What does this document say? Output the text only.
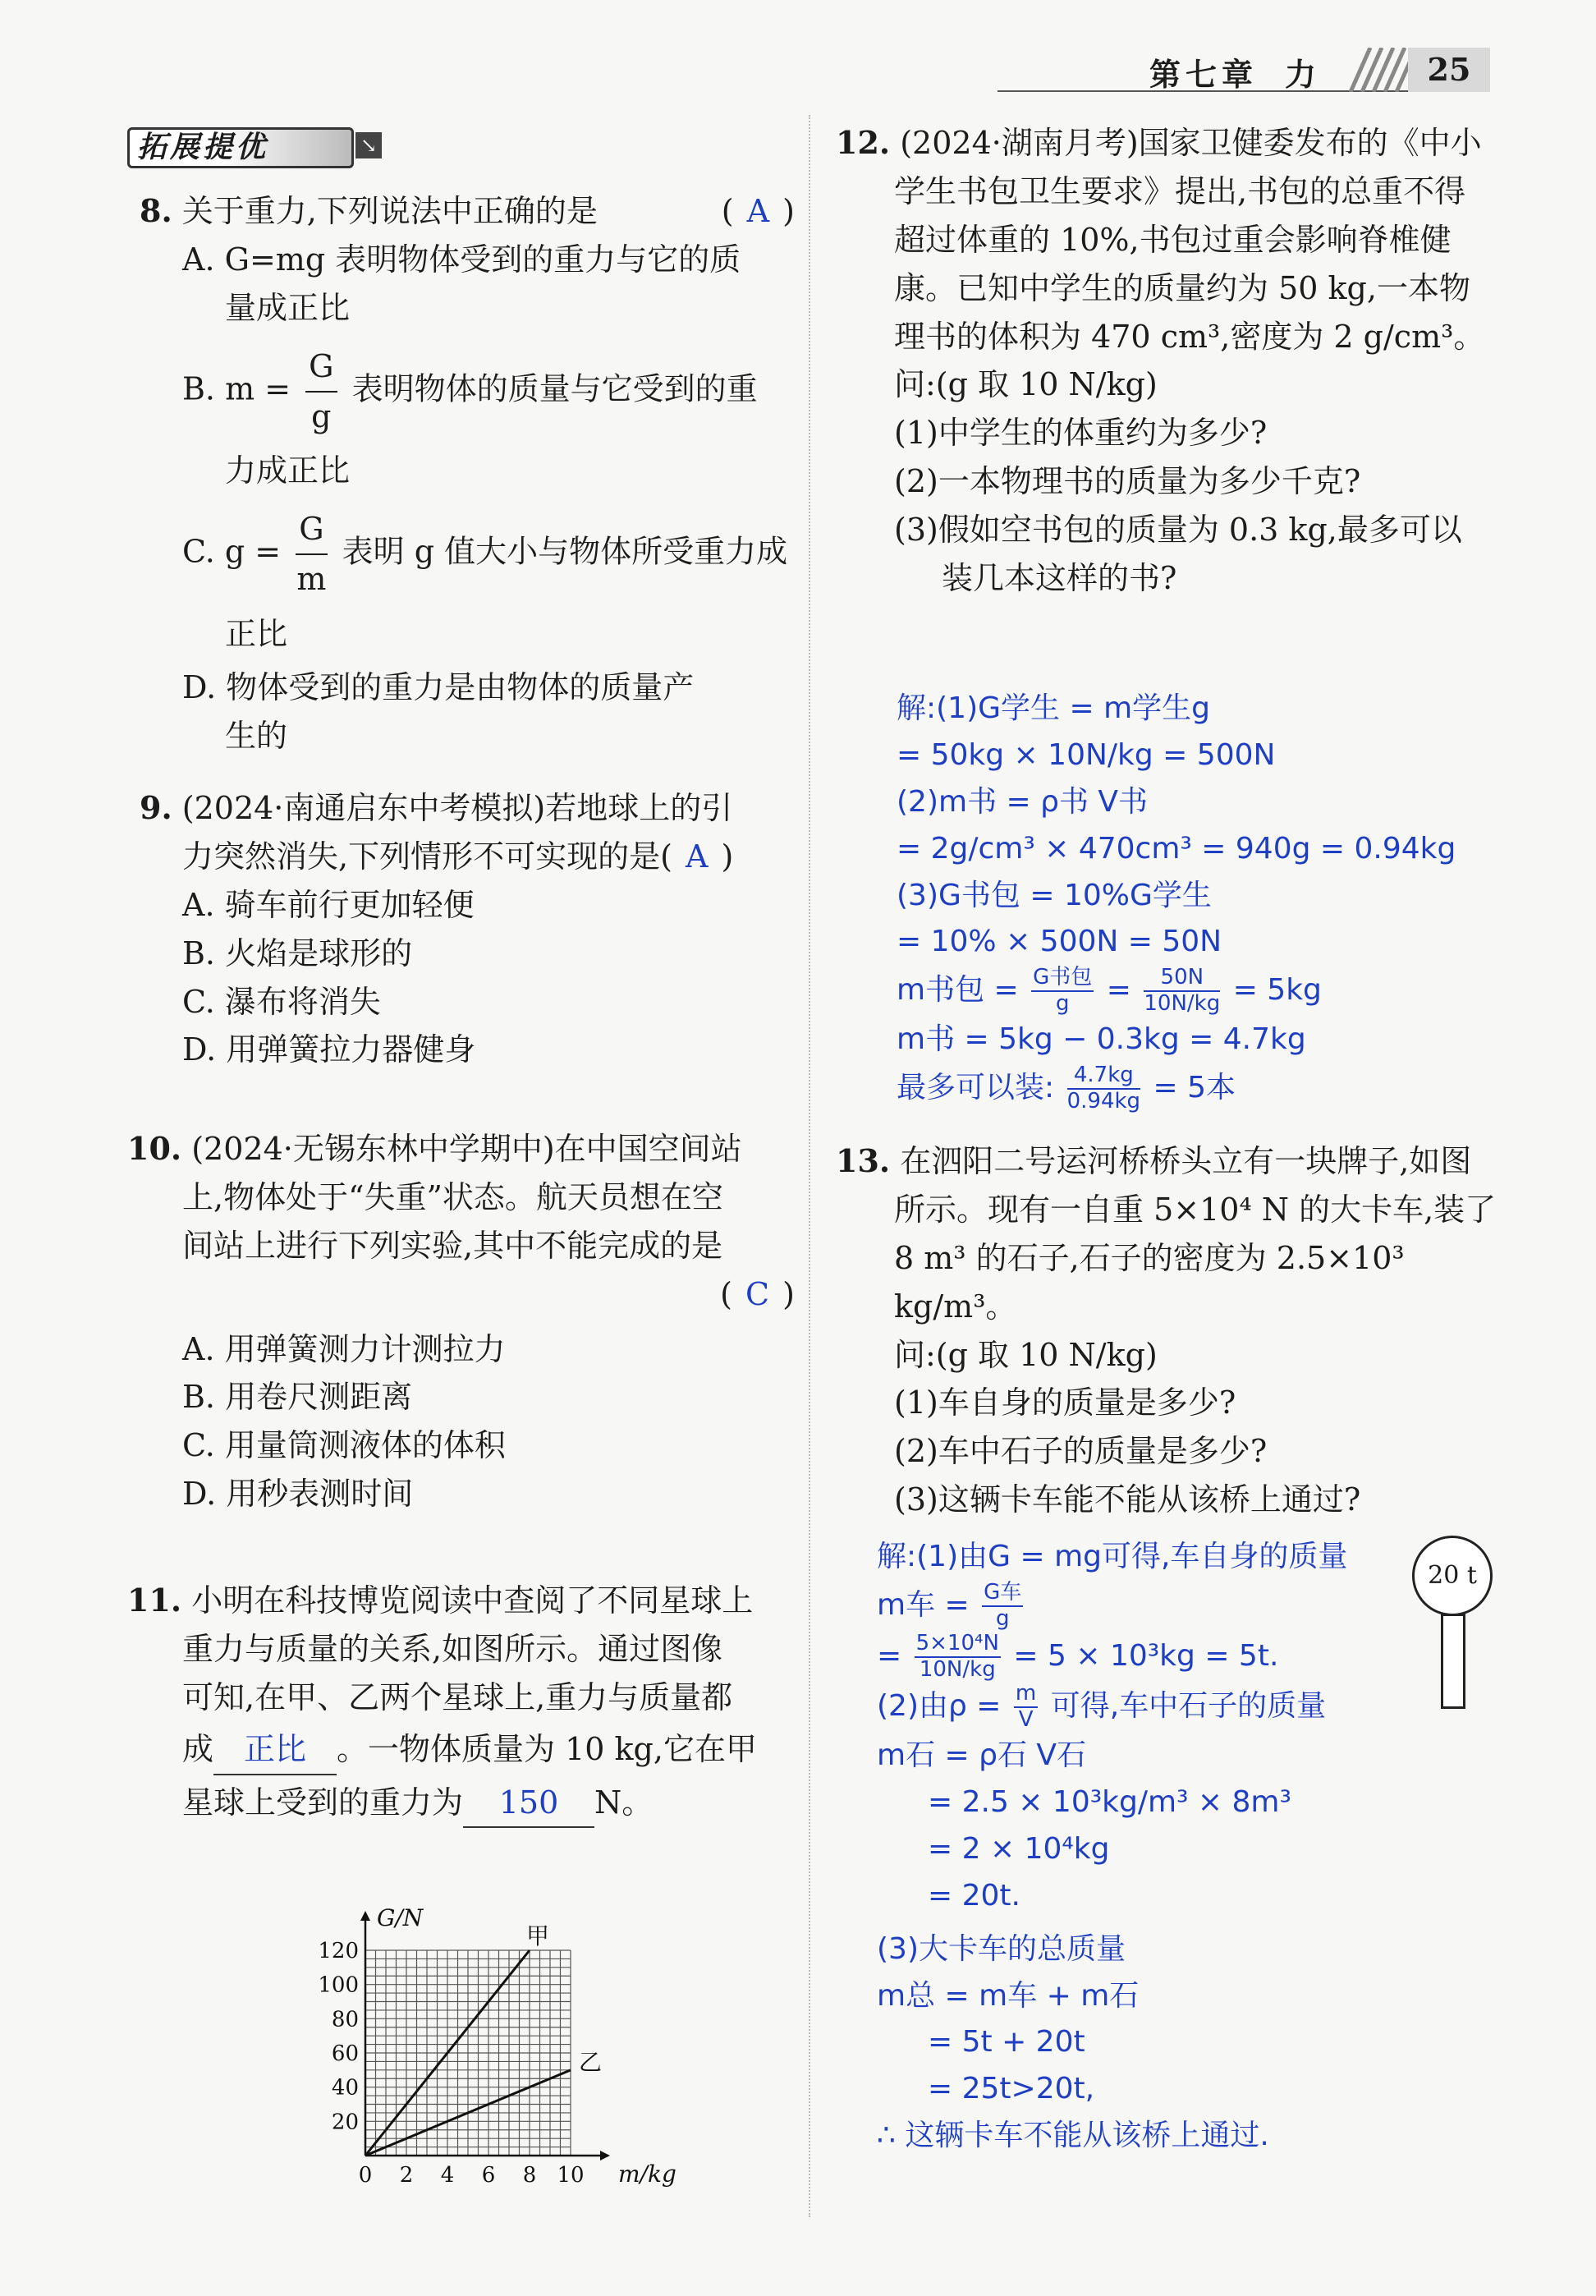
第七章 力	25
拓展提优	↘
8. 关于重力,下列说法中正确的是	( A )
A. G=mg 表明物体受到的重力与它的质
量成正比
B. $m = \frac{G}{g}$ 表明物体的质量与它受到的重
力成正比
C. $g = \frac{G}{m}$ 表明 g 值大小与物体所受重力成
正比
D. 物体受到的重力是由物体的质量产
生的
9. (2024·南通启东中考模拟)若地球上的引
力突然消失,下列情形不可实现的是( A )
A. 骑车前行更加轻便
B. 火焰是球形的
C. 瀑布将消失
D. 用弹簧拉力器健身
10. (2024·无锡东林中学期中)在中国空间站
上,物体处于“失重”状态。航天员想在空
间站上进行下列实验,其中不能完成的是
( C )
A. 用弹簧测力计测拉力
B. 用卷尺测距离
C. 用量筒测液体的体积
D. 用秒表测时间
11. 小明在科技博览阅读中查阅了不同星球上
重力与质量的关系,如图所示。通过图像
可知,在甲、乙两个星球上,重力与质量都
成 正比 。一物体质量为 10 kg,它在甲
星球上受到的重力为 150 N。
0 2 4 6 8 10
20
40
60
80
100
120
m/kg
G/N
甲
乙
12. (2024·湖南月考)国家卫健委发布的《中小
学生书包卫生要求》提出,书包的总重不得
超过体重的 10%,书包过重会影响脊椎健
康。已知中学生的质量约为 50 kg,一本物
理书的体积为 470 cm³,密度为 2 g/cm³。
问:(g 取 10 N/kg)
(1)中学生的体重约为多少?
(2)一本物理书的质量为多少千克?
(3)假如空书包的质量为 0.3 kg,最多可以
装几本这样的书?
解:(1)G学生 = m学生g
= 50kg × 10N/kg = 500N
(2)m书 = ρ书 V书
= 2g/cm³ × 470cm³ = 940g = 0.94kg
(3)G书包 = 10%G学生
= 10% × 500N = 50N
m书包 = G书包
g	= $\frac{50N}{10N/kg} = 5kg$
m书 = 5kg − 0.3kg = 4.7kg
最多可以装: $\frac{4.7kg}{0.94kg} = 5$本
13. 在泗阳二号运河桥桥头立有一块牌子,如图
所示。现有一自重 5×10⁴ N 的大卡车,装了
8 m³ 的石子,石子的密度为 2.5×10³ kg/m³。
问:(g 取 10 N/kg)
(1)车自身的质量是多少?
(2)车中石子的质量是多少?
(3)这辆卡车能不能从该桥上通过?
20 t
解:(1)由G = mg可得,车自身的质量
m车 = G车
g
= $\frac{\text{5×10⁴N}}{10N/kg} = 5 \times 10^3kg = 5t$.
(2)由$\rho = \frac{m}{V}$ 可得,车中石子的质量
m石 = ρ石 V石
= 2.5 × 10³kg/m³ × 8m³
= 2 × 10⁴kg
= 20t.
(3)大卡车的总质量
m总 = m车 + m石
= 5t + 20t
= 25t>20t,
∴ 这辆卡车不能从该桥上通过.
